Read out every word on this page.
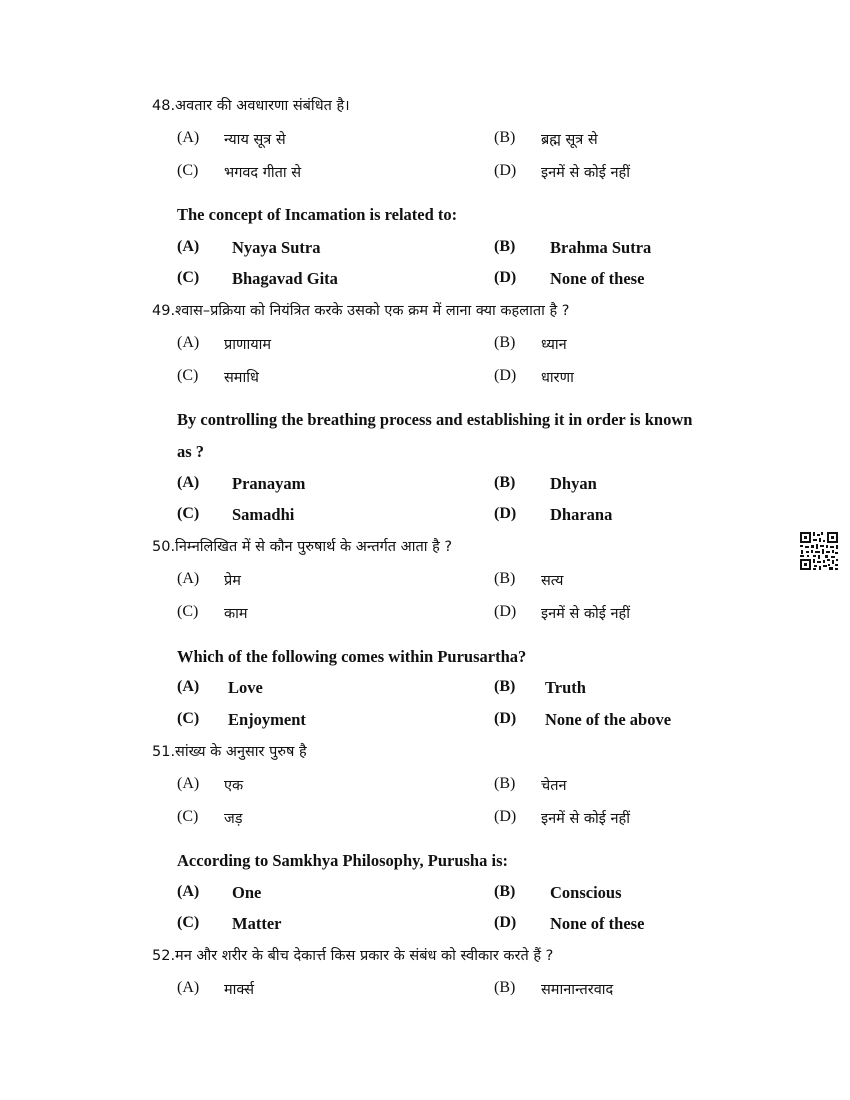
48.अवतार की अवधारणा संबंधित है।
(A) न्याय सूत्र से	(B) ब्रह्म सूत्र से
(C) भगवद गीता से	(D) इनमें से कोई नहीं
The concept of Incamation is related to:
(A) Nyaya Sutra	(B) Brahma Sutra
(C) Bhagavad Gita	(D) None of these
49.श्वास–प्रक्रिया को नियंत्रित करके उसको एक क्रम में लाना क्या कहलाता है ?
(A) प्राणायाम	(B) ध्यान
(C) समाधि	(D) धारणा
By controlling the breathing process and establishing it in order is known
as ?
(A) Pranayam	(B) Dhyan
(C) Samadhi	(D) Dharana
50.निम्नलिखित में से कौन पुरुषार्थ के अन्तर्गत आता है ?
(A) प्रेम	(B) सत्य
(C) काम	(D) इनमें से कोई नहीं
Which of the following comes within Purusartha?
(A) Love	(B) Truth
(C) Enjoyment	(D) None of the above
51.सांख्य के अनुसार पुरुष है
(A) एक	(B) चेतन
(C) जड़	(D) इनमें से कोई नहीं
According to Samkhya Philosophy, Purusha is:
(A) One	(B) Conscious
(C) Matter	(D) None of these
52.मन और शरीर के बीच देकार्त्त किस प्रकार के संबंध को स्वीकार करते हैं ?
(A) मार्क्स	(B) समानान्तरवाद
